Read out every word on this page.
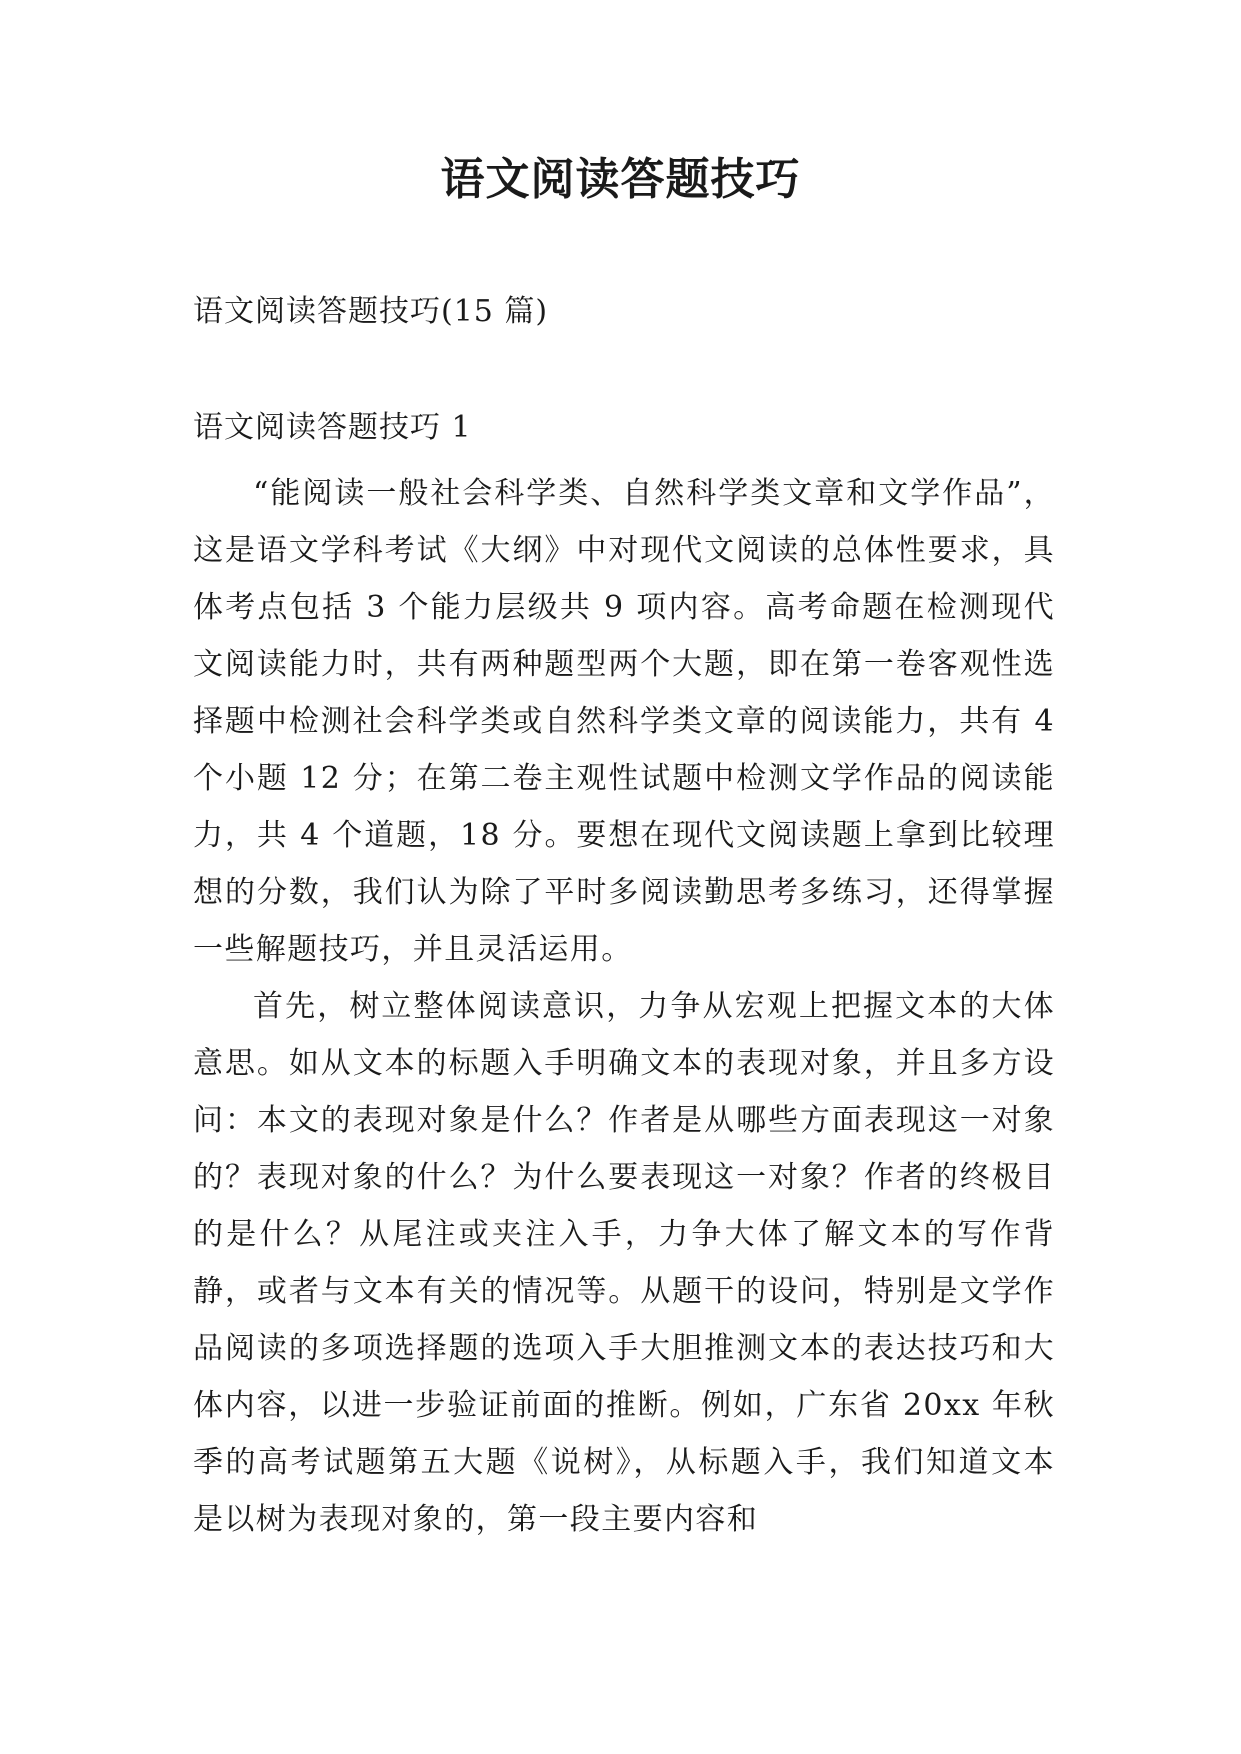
语文阅读答题技巧
语文阅读答题技巧(15 篇)
语文阅读答题技巧 1

“能阅读一般社会科学类、自然科学类文章和文学作品”，这是语文学科考试《大纲》中对现代文阅读的总体性要求，具体考点包括 3 个能力层级共 9 项内容。高考命题在检测现代文阅读能力时，共有两种题型两个大题，即在第一卷客观性选择题中检测社会科学类或自然科学类文章的阅读能力，共有 4 个小题 12 分；在第二卷主观性试题中检测文学作品的阅读能力，共 4 个道题，18 分。要想在现代文阅读题上拿到比较理想的分数，我们认为除了平时多阅读勤思考多练习，还得掌握一些解题技巧，并且灵活运用。

首先，树立整体阅读意识，力争从宏观上把握文本的大体意思。如从文本的标题入手明确文本的表现对象，并且多方设问：本文的表现对象是什么？作者是从哪些方面表现这一对象的？表现对象的什么？为什么要表现这一对象？作者的终极目的是什么？从尾注或夹注入手，力争大体了解文本的写作背静，或者与文本有关的情况等。从题干的设问，特别是文学作品阅读的多项选择题的选项入手大胆推测文本的表达技巧和大体内容，以进一步验证前面的推断。例如，广东省 20xx 年秋季的高考试题第五大题《说树》，从标题入手，我们知道文本是以树为表现对象的，第一段主要内容和
